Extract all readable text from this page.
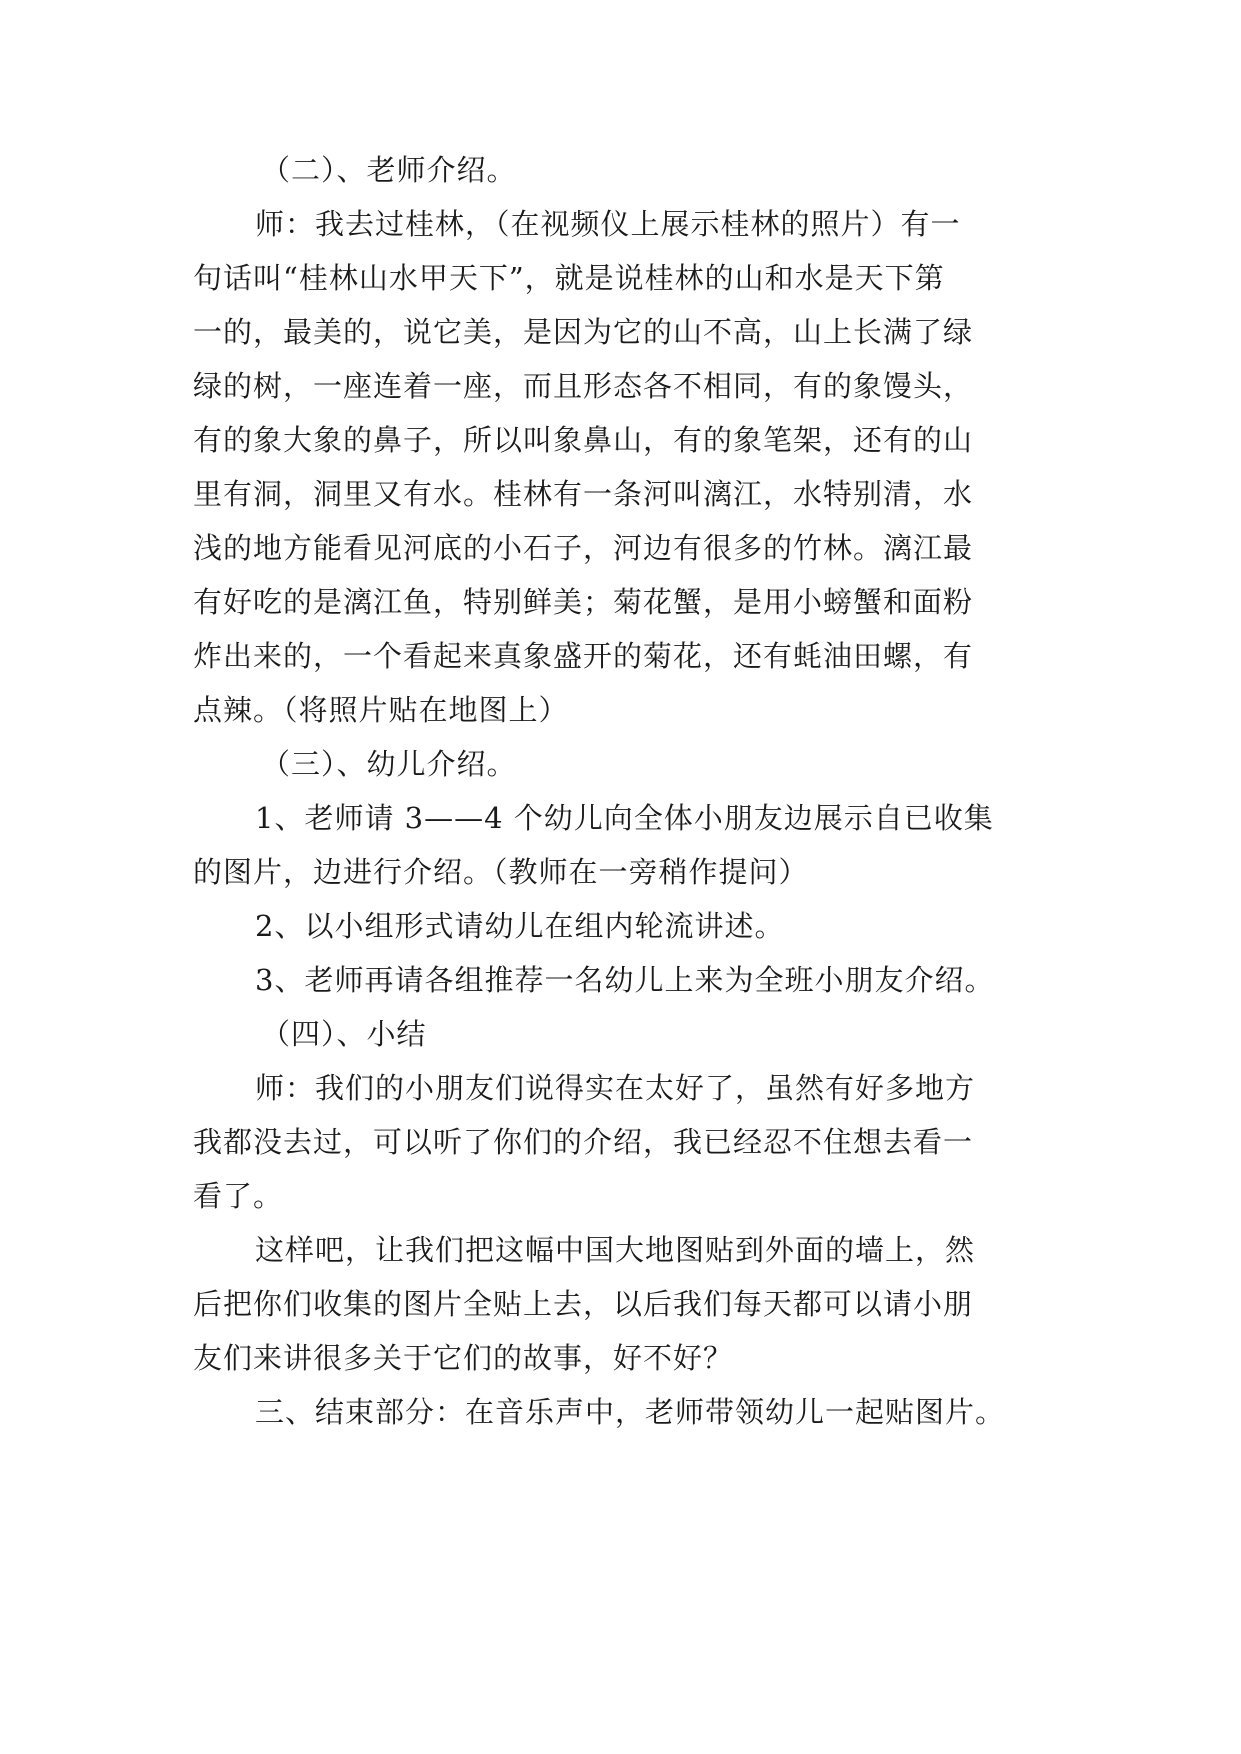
（二）、老师介绍。
师：我去过桂林，（在视频仪上展示桂林的照片）有一
句话叫“桂林山水甲天下”，就是说桂林的山和水是天下第
一的，最美的，说它美，是因为它的山不高，山上长满了绿
绿的树，一座连着一座，而且形态各不相同，有的象馒头，
有的象大象的鼻子，所以叫象鼻山，有的象笔架，还有的山
里有洞，洞里又有水。桂林有一条河叫漓江，水特别清，水
浅的地方能看见河底的小石子，河边有很多的竹林。漓江最
有好吃的是漓江鱼，特别鲜美；菊花蟹，是用小螃蟹和面粉
炸出来的，一个看起来真象盛开的菊花，还有蚝油田螺，有
点辣。（将照片贴在地图上）
（三）、幼儿介绍。
1、老师请 3——4 个幼儿向全体小朋友边展示自已收集
的图片，边进行介绍。（教师在一旁稍作提问）
2、以小组形式请幼儿在组内轮流讲述。
3、老师再请各组推荐一名幼儿上来为全班小朋友介绍。
（四）、小结
师：我们的小朋友们说得实在太好了，虽然有好多地方
我都没去过，可以听了你们的介绍，我已经忍不住想去看一
看了。
这样吧，让我们把这幅中国大地图贴到外面的墙上，然
后把你们收集的图片全贴上去，以后我们每天都可以请小朋
友们来讲很多关于它们的故事，好不好？
三、结束部分：在音乐声中，老师带领幼儿一起贴图片。
